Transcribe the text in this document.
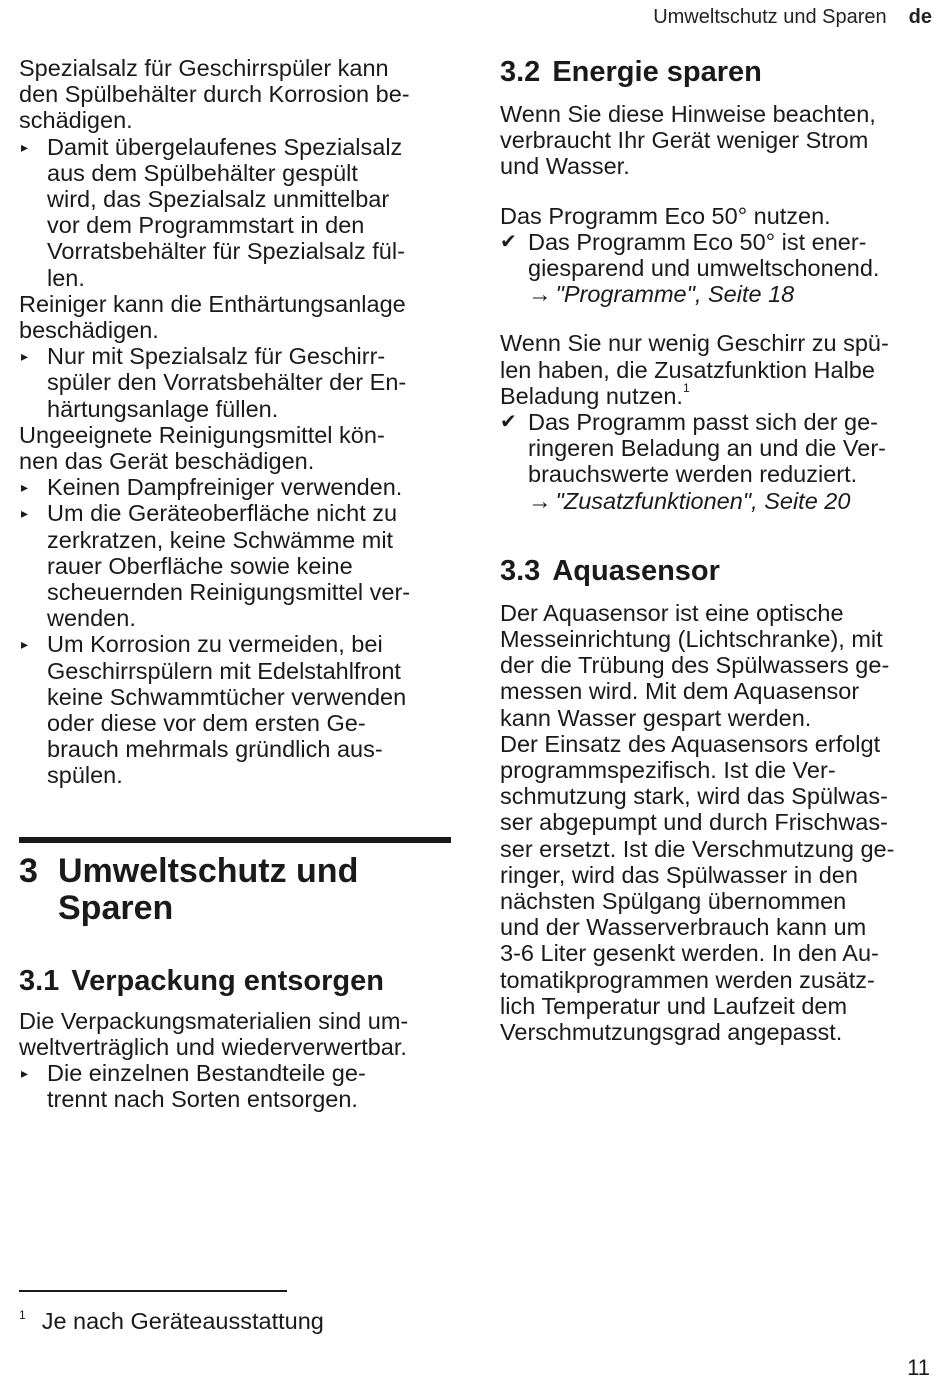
Umweltschutz und Sparen de

Spezialsalz für Geschirrspüler kann
den Spülbehälter durch Korrosion be-
schädigen.

▸ Damit übergelaufenes Spezialsalz
aus dem Spülbehälter gespült
wird, das Spezialsalz unmittelbar
vor dem Programmstart in den
Vorratsbehälter für Spezialsalz fül-
len.

Reiniger kann die Enthärtungsanlage
beschädigen.

▸ Nur mit Spezialsalz für Geschirr-
spüler den Vorratsbehälter der En-
härtungsanlage füllen.

Ungeeignete Reinigungsmittel kön-
nen das Gerät beschädigen.

▸ Keinen Dampfreiniger verwenden.
▸ Um die Geräteoberfläche nicht zu
zerkratzen, keine Schwämme mit
rauer Oberfläche sowie keine
scheuernden Reinigungsmittel ver-
wenden.
▸ Um Korrosion zu vermeiden, bei
Geschirrspülern mit Edelstahlfront
keine Schwammtücher verwenden
oder diese vor dem ersten Ge-
brauch mehrmals gründlich aus-
spülen.
3 Umweltschutz und
Sparen
3.1 Verpackung entsorgen

Die Verpackungsmaterialien sind um-
weltverträglich und wiederverwertbar.

▸ Die einzelnen Bestandteile ge-
trennt nach Sorten entsorgen.
3.2 Energie sparen

Wenn Sie diese Hinweise beachten,
verbraucht Ihr Gerät weniger Strom
und Wasser.

Das Programm Eco 50° nutzen.

✔ Das Programm Eco 50° ist ener-
giesparend und umweltschonend.
→ "Programme", Seite 18

Wenn Sie nur wenig Geschirr zu spü-
len haben, die Zusatzfunktion Halbe
Beladung nutzen.$^1$

✔ Das Programm passt sich der ge-
ringeren Beladung an und die Ver-
brauchswerte werden reduziert.
→ "Zusatzfunktionen", Seite 20
3.3 Aquasensor

Der Aquasensor ist eine optische
Messeinrichtung (Lichtschranke), mit
der die Trübung des Spülwassers ge-
messen wird. Mit dem Aquasensor
kann Wasser gespart werden.

Der Einsatz des Aquasensors erfolgt
programmspezifisch. Ist die Ver-
schmutzung stark, wird das Spülwas-
ser abgepumpt und durch Frischwas-
ser ersetzt. Ist die Verschmutzung ge-
ringer, wird das Spülwasser in den
nächsten Spülgang übernommen
und der Wasserverbrauch kann um
3-6 Liter gesenkt werden. In den Au-
tomatikprogrammen werden zusätz-
lich Temperatur und Laufzeit dem
Verschmutzungsgrad angepasst.

$^1$ Je nach Geräteausstattung
11
